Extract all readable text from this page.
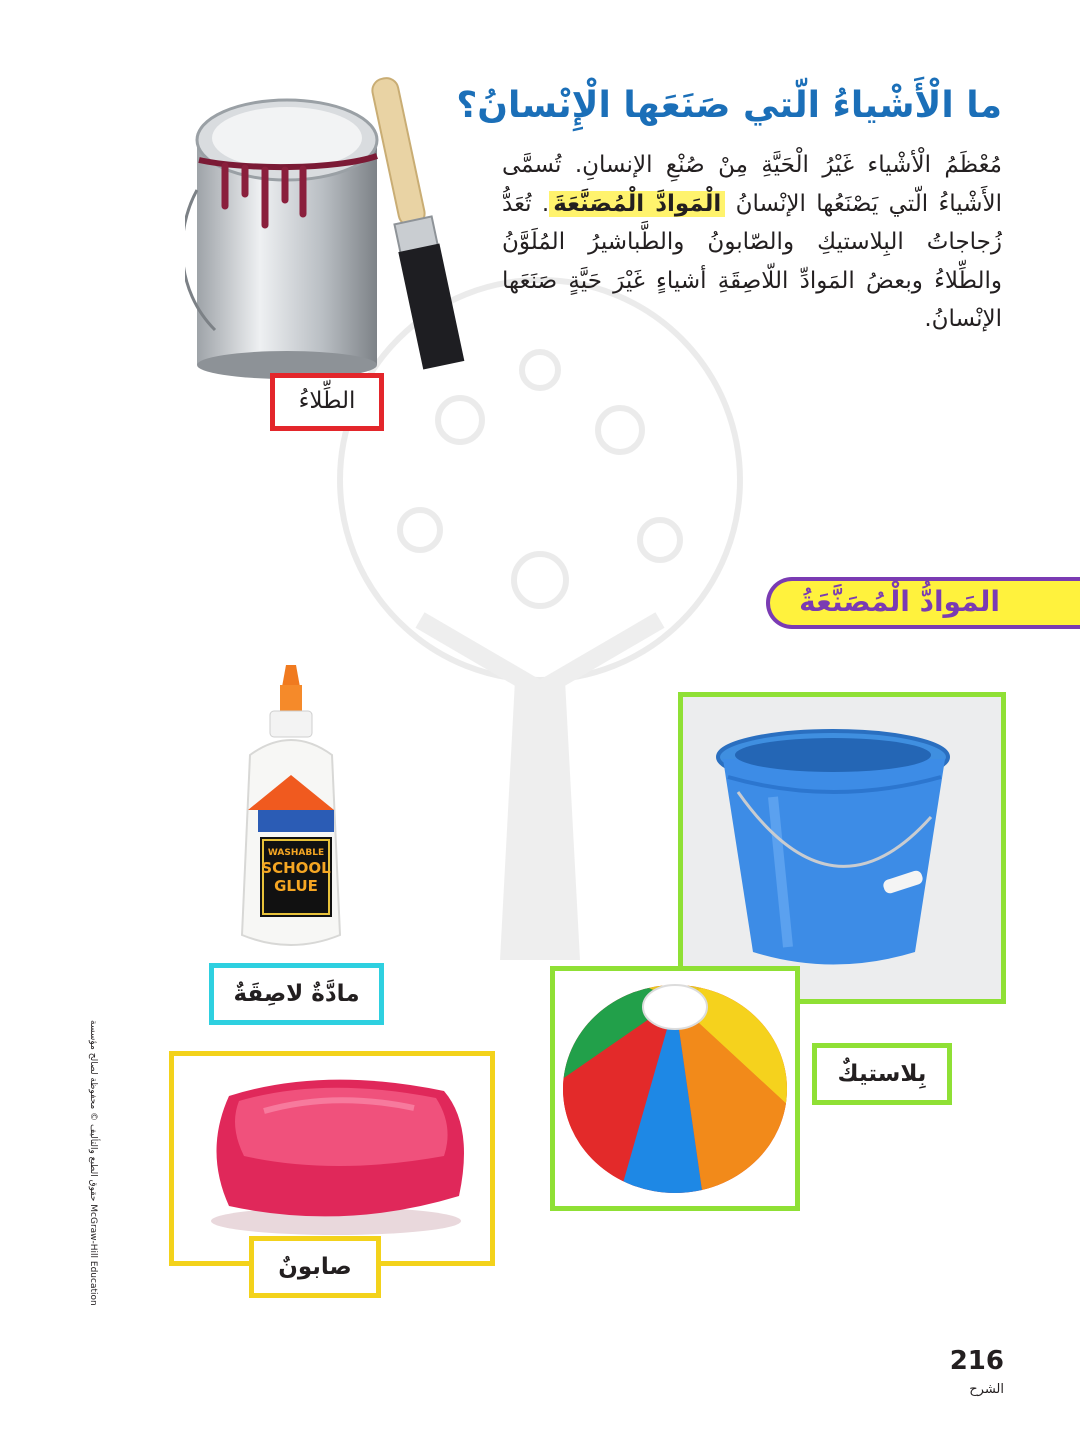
ما الْأَشْياءُ الّتي صَنَعَها الْإِنْسانُ؟
مُعْظَمُ الْأشْياء غَيْرُ الْحَيَّةِ مِنْ صُنْعِ الإنسانِ. تُسمَّى الأَشْياءُ الّتي يَصْنَعُها الإنْسانُ الْمَوادَّ الْمُصَنَّعَةَ. تُعَدُّ زُجاجاتُ البِلاستيكِ والصّابونُ والطَّباشيرُ المُلَوَّنُ والطِّلاءُ وبعضُ المَوادِّ اللّاصِقَةِ أشياءٍ غَيْرَ حَيَّةٍ صَنَعَها الإنْسانُ.
الطِّلاءُ
المَوادُّ الْمُصَنَّعَةُ
WASHABLE
SCHOOL
GLUE
مادَّةٌ لاصِقَةٌ
بِلاستيكٌ
صابونٌ
حقوق الطبع والتأليف © محفوظة لصالح مؤسسة McGraw-Hill Education
216
الشرح
